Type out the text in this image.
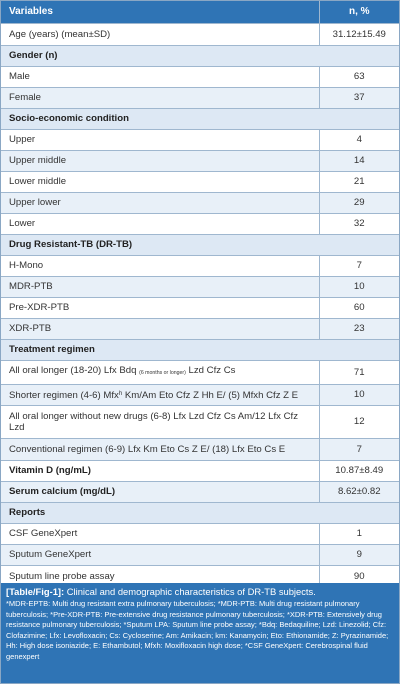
Variables	n, %
Age (years) (mean±SD)	31.12±15.49
Gender (n)	
Male	63
Female	37
Socio-economic condition	
Upper	4
Upper middle	14
Lower middle	21
Upper lower	29
Lower	32
Drug Resistant-TB (DR-TB)	
H-Mono	7
MDR-PTB	10
Pre-XDR-PTB	60
XDR-PTB	23
Treatment regimen	
All oral longer (18-20) Lfx Bdq (6 months or longer) Lzd Cfz Cs	71
Shorter regimen (4-6) Mfx$^h$ Km/Am Eto Cfz Z Hh E/ (5) Mfxh Cfz Z E	10
All oral longer without new drugs (6-8) Lfx Lzd Cfz Cs Am/12 Lfx Cfz Lzd	12
Conventional regimen (6-9) Lfx Km Eto Cs Z E/ (18) Lfx Eto Cs E	7
Vitamin D (ng/mL)	10.87±8.49
Serum calcium (mg/dL)	8.62±0.82
Reports	
CSF GeneXpert	1
Sputum GeneXpert	9
Sputum line probe assay	90
[Table/Fig-1]: Clinical and demographic characteristics of DR-TB subjects.
*MDR-EPTB: Multi drug resistant extra pulmonary tuberculosis; *MDR-PTB: Multi drug resistant pulmonary tuberculosis; *Pre-XDR-PTB: Pre-extensive drug resistance pulmonary tuberculosis; *XDR-PTB: Extensively drug resistance pulmonary tuberculosis; *Sputum LPA: Sputum line probe assay; *Bdq: Bedaquiline; Lzd: Linezolid; Cfz: Clofazimine; Lfx: Levofloxacin; Cs: Cycloserine; Am: Amikacin; km: Kanamycin; Eto: Ethionamide; Z: Pyrazinamide; Hh: High dose isoniazide; E: Ethambutol; Mfxh: Moxifloxacin high dose; *CSF GeneXpert: Cerebrospinal fluid genexpert
